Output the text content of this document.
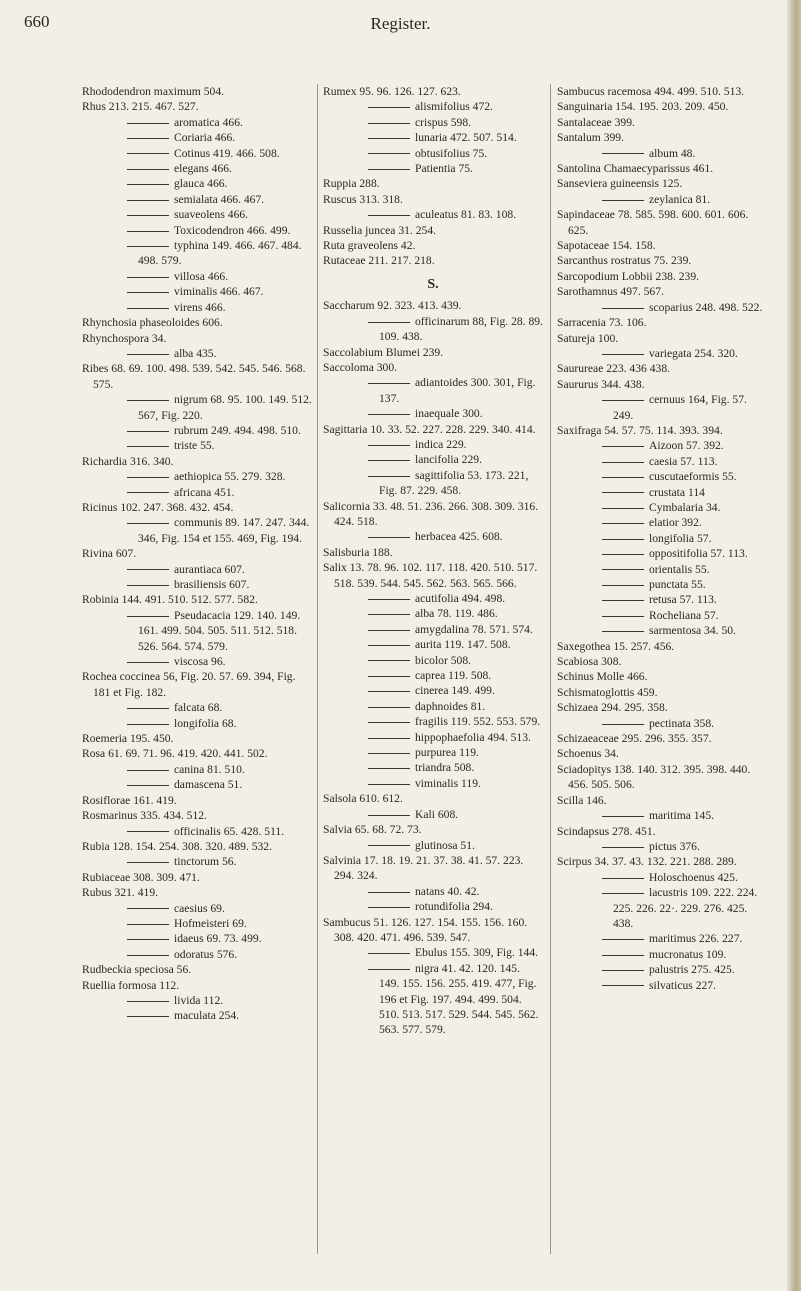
660	Register.
Rhododendron maximum 504.
Rhus 213. 215. 467. 527.
aromatica 466.
Coriaria 466.
Cotinus 419. 466. 508.
elegans 466.
glauca 466.
semialata 466. 467.
suaveolens 466.
Toxicodendron 466. 499.
typhina 149. 466. 467. 484. 498. 579.
villosa 466.
viminalis 466. 467.
virens 466.
Rhynchosia phaseoloides 606.
Rhynchospora 34.
alba 435.
Ribes 68. 69. 100. 498. 539. 542. 545. 546. 568. 575.
nigrum 68. 95. 100. 149. 512. 567, Fig. 220.
rubrum 249. 494. 498. 510.
triste 55.
Richardia 316. 340.
aethiopica 55. 279. 328.
africana 451.
Ricinus 102. 247. 368. 432. 454.
communis 89. 147. 247. 344. 346, Fig. 154 et 155. 469, Fig. 194.
Rivina 607.
aurantiaca 607.
brasiliensis 607.
Robinia 144. 491. 510. 512. 577. 582.
Pseudacacia 129. 140. 149. 161. 499. 504. 505. 511. 512. 518. 526. 564. 574. 579.
viscosa 96.
Rochea coccinea 56, Fig. 20. 57. 69. 394, Fig. 181 et Fig. 182.
falcata 68.
longifolia 68.
Roemeria 195. 450.
Rosa 61. 69. 71. 96. 419. 420. 441. 502.
canina 81. 510.
damascena 51.
Rosiflorae 161. 419.
Rosmarinus 335. 434. 512.
officinalis 65. 428. 511.
Rubia 128. 154. 254. 308. 320. 489. 532.
tinctorum 56.
Rubiaceae 308. 309. 471.
Rubus 321. 419.
caesius 69.
Hofmeisteri 69.
idaeus 69. 73. 499.
odoratus 576.
Rudbeckia speciosa 56.
Ruellia formosa 112.
livida 112.
maculata 254.
Rumex 95. 96. 126. 127. 623.
alismifolius 472.
crispus 598.
lunaria 472. 507. 514.
obtusifolius 75.
Patientia 75.
Ruppia 288.
Ruscus 313. 318.
aculeatus 81. 83. 108.
Russelia juncea 31. 254.
Ruta graveolens 42.
Rutaceae 211. 217. 218.
S.
Saccharum 92. 323. 413. 439.
officinarum 88, Fig. 28. 89. 109. 438.
Saccolabium Blumei 239.
Saccoloma 300.
adiantoides 300. 301, Fig. 137.
inaequale 300.
Sagittaria 10. 33. 52. 227. 228. 229. 340. 414.
indica 229.
lancifolia 229.
sagittifolia 53. 173. 221, Fig. 87. 229. 458.
Salicornia 33. 48. 51. 236. 266. 308. 309. 316. 424. 518.
herbacea 425. 608.
Salisburia 188.
Salix 13. 78. 96. 102. 117. 118. 420. 510. 517. 518. 539. 544. 545. 562. 563. 565. 566.
acutifolia 494. 498.
alba 78. 119. 486.
amygdalina 78. 571. 574.
aurita 119. 147. 508.
bicolor 508.
caprea 119. 508.
cinerea 149. 499.
daphnoides 81.
fragilis 119. 552. 553. 579.
hippophaefolia 494. 513.
purpurea 119.
triandra 508.
viminalis 119.
Salsola 610. 612.
Kali 608.
Salvia 65. 68. 72. 73.
glutinosa 51.
Salvinia 17. 18. 19. 21. 37. 38. 41. 57. 223. 294. 324.
natans 40. 42.
rotundifolia 294.
Sambucus 51. 126. 127. 154. 155. 156. 160. 308. 420. 471. 496. 539. 547.
Ebulus 155. 309, Fig. 144.
nigra 41. 42. 120. 145. 149. 155. 156. 255. 419. 477, Fig. 196 et Fig. 197. 494. 499. 504. 510. 513. 517. 529. 544. 545. 562. 563. 577. 579.
Sambucus racemosa 494. 499. 510. 513.
Sanguinaria 154. 195. 203. 209. 450.
Santalaceae 399.
Santalum 399.
album 48.
Santolina Chamaecyparissus 461.
Sanseviera guineensis 125.
zeylanica 81.
Sapindaceae 78. 585. 598. 600. 601. 606. 625.
Sapotaceae 154. 158.
Sarcanthus rostratus 75. 239.
Sarcopodium Lobbii 238. 239.
Sarothamnus 497. 567.
scoparius 248. 498. 522.
Sarracenia 73. 106.
Satureja 100.
variegata 254. 320.
Saurureae 223. 436 438.
Saururus 344. 438.
cernuus 164, Fig. 57. 249.
Saxifraga 54. 57. 75. 114. 393. 394.
Aizoon 57. 392.
caesia 57. 113.
cuscutaeformis 55.
crustata 114
Cymbalaria 34.
elatior 392.
longifolia 57.
oppositifolia 57. 113.
orientalis 55.
punctata 55.
retusa 57. 113.
Rocheliana 57.
sarmentosa 34. 50.
Saxegothea 15. 257. 456.
Scabiosa 308.
Schinus Molle 466.
Schismatoglottis 459.
Schizaea 294. 295. 358.
pectinata 358.
Schizaeaceae 295. 296. 355. 357.
Schoenus 34.
Sciadopitys 138. 140. 312. 395. 398. 440. 456. 505. 506.
Scilla 146.
maritima 145.
Scindapsus 278. 451.
pictus 376.
Scirpus 34. 37. 43. 132. 221. 288. 289.
Holoschoenus 425.
lacustris 109. 222. 224. 225. 226. 22·. 229. 276. 425. 438.
maritimus 226. 227.
mucronatus 109.
palustris 275. 425.
silvaticus 227.
